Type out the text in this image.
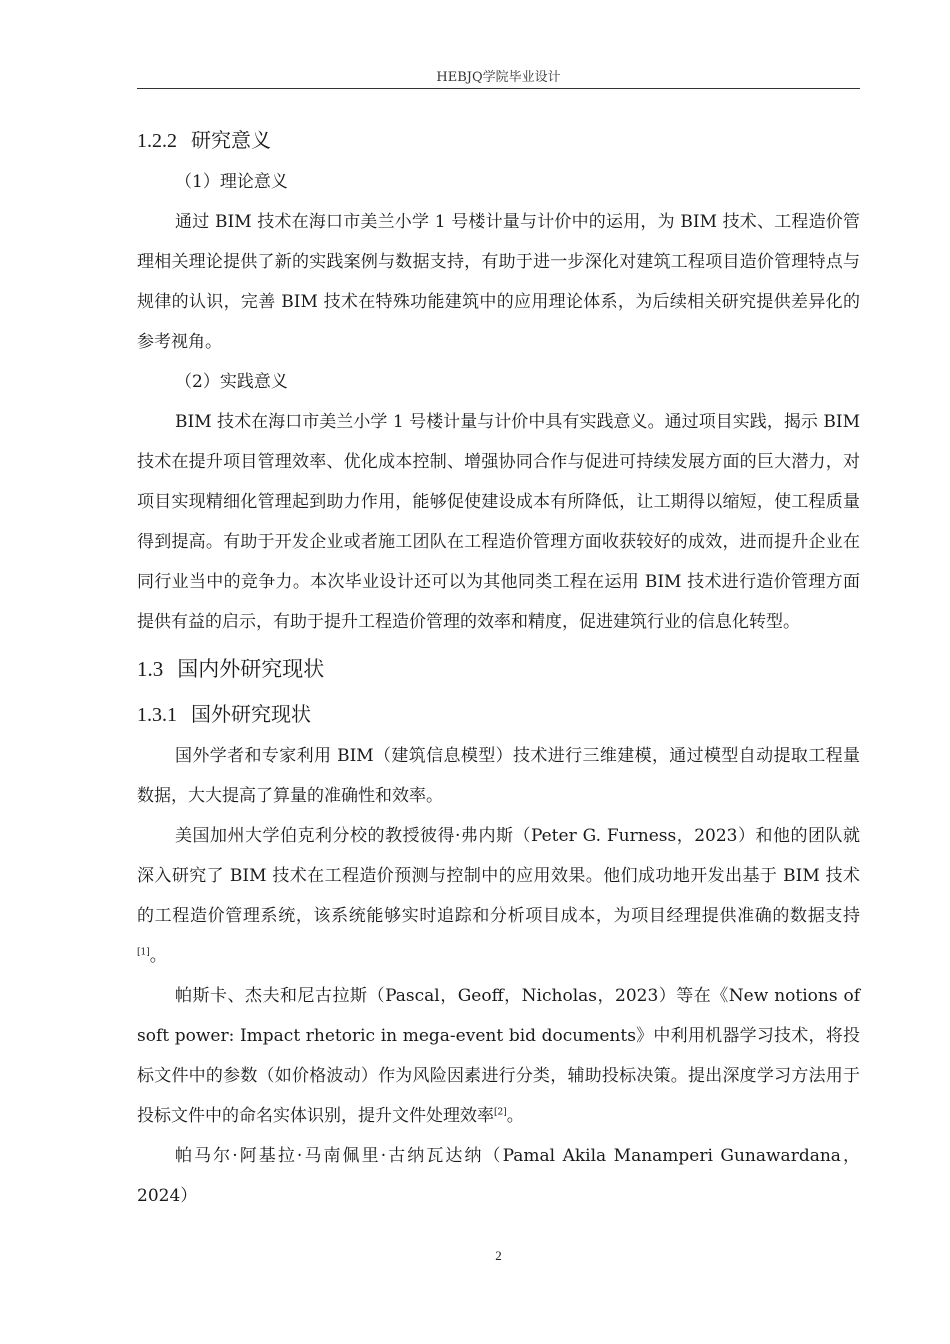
HEBJQ学院毕业设计
1.2.2 研究意义

（1）理论意义

通过 BIM 技术在海口市美兰小学 1 号楼计量与计价中的运用，为 BIM 技术、工程造价管理相关理论提供了新的实践案例与数据支持，有助于进一步深化对建筑工程项目造价管理特点与规律的认识，完善 BIM 技术在特殊功能建筑中的应用理论体系，为后续相关研究提供差异化的参考视角。

（2）实践意义

BIM 技术在海口市美兰小学 1 号楼计量与计价中具有实践意义。通过项目实践，揭示 BIM 技术在提升项目管理效率、优化成本控制、增强协同合作与促进可持续发展方面的巨大潜力，对项目实现精细化管理起到助力作用，能够促使建设成本有所降低，让工期得以缩短，使工程质量得到提高。有助于开发企业或者施工团队在工程造价管理方面收获较好的成效，进而提升企业在同行业当中的竞争力。本次毕业设计还可以为其他同类工程在运用 BIM 技术进行造价管理方面提供有益的启示，有助于提升工程造价管理的效率和精度，促进建筑行业的信息化转型。

1.3 国内外研究现状
1.3.1 国外研究现状

国外学者和专家利用 BIM（建筑信息模型）技术进行三维建模，通过模型自动提取工程量数据，大大提高了算量的准确性和效率。

美国加州大学伯克利分校的教授彼得·弗内斯（Peter G. Furness，2023）和他的团队就深入研究了 BIM 技术在工程造价预测与控制中的应用效果。他们成功地开发出基于 BIM 技术的工程造价管理系统，该系统能够实时追踪和分析项目成本，为项目经理提供准确的数据支持[1]。

帕斯卡、杰夫和尼古拉斯（Pascal，Geoff，Nicholas，2023）等在《New notions of soft power: Impact rhetoric in mega-event bid documents》中利用机器学习技术，将投标文件中的参数（如价格波动）作为风险因素进行分类，辅助投标决策。提出深度学习方法用于投标文件中的命名实体识别，提升文件处理效率[2]。

帕马尔·阿基拉·马南佩里·古纳瓦达纳（Pamal Akila Manamperi Gunawardana，2024）

2
